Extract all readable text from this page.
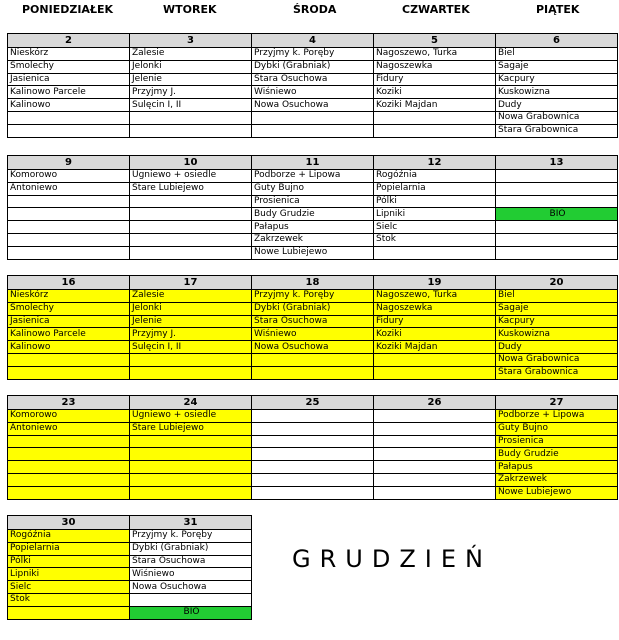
PONIEDZIAŁEK	WTOREK	ŚRODA	CZWARTEK	PIĄTEK
2	3	4	5	6
Nieskórz	Zalesie	Przyjmy k. Poręby	Nagoszewo, Turka	Biel
Smolechy	Jelonki	Dybki (Grabniak)	Nagoszewka	Sagaje
Jasienica	Jelenie	Stara Osuchowa	Fidury	Kacpury
Kalinowo Parcele	Przyjmy J.	Wiśniewo	Koziki	Kuskowizna
Kalinowo	Sulęcin I, II	Nowa Osuchowa	Koziki Majdan	Dudy
				Nowa Grabownica
				Stara Grabownica
9	10	11	12	13
Komorowo	Ugniewo + osiedle	Podborze + Lipowa	Rogóźnia	
Antoniewo	Stare Lubiejewo	Guty Bujno	Popielarnia	
		Prosienica	Pólki	
		Budy Grudzie	Lipniki	BIO
		Pałapus	Sielc	
		Zakrzewek	Stok	
		Nowe Lubiejewo		
16	17	18	19	20
Nieskórz	Zalesie	Przyjmy k. Poręby	Nagoszewo, Turka	Biel
Smolechy	Jelonki	Dybki (Grabniak)	Nagoszewka	Sagaje
Jasienica	Jelenie	Stara Osuchowa	Fidury	Kacpury
Kalinowo Parcele	Przyjmy J.	Wiśniewo	Koziki	Kuskowizna
Kalinowo	Sulęcin I, II	Nowa Osuchowa	Koziki Majdan	Dudy
				Nowa Grabownica
				Stara Grabownica
23	24	25	26	27
Komorowo	Ugniewo + osiedle			Podborze + Lipowa
Antoniewo	Stare Lubiejewo			Guty Bujno
				Prosienica
				Budy Grudzie
				Pałapus
				Zakrzewek
				Nowe Lubiejewo
30	31
Rogóźnia	Przyjmy k. Poręby
Popielarnia	Dybki (Grabniak)
Pólki	Stara Osuchowa
Lipniki	Wiśniewo
Sielc	Nowa Osuchowa
Stok	
	BIO
GRUDZIEŃ
